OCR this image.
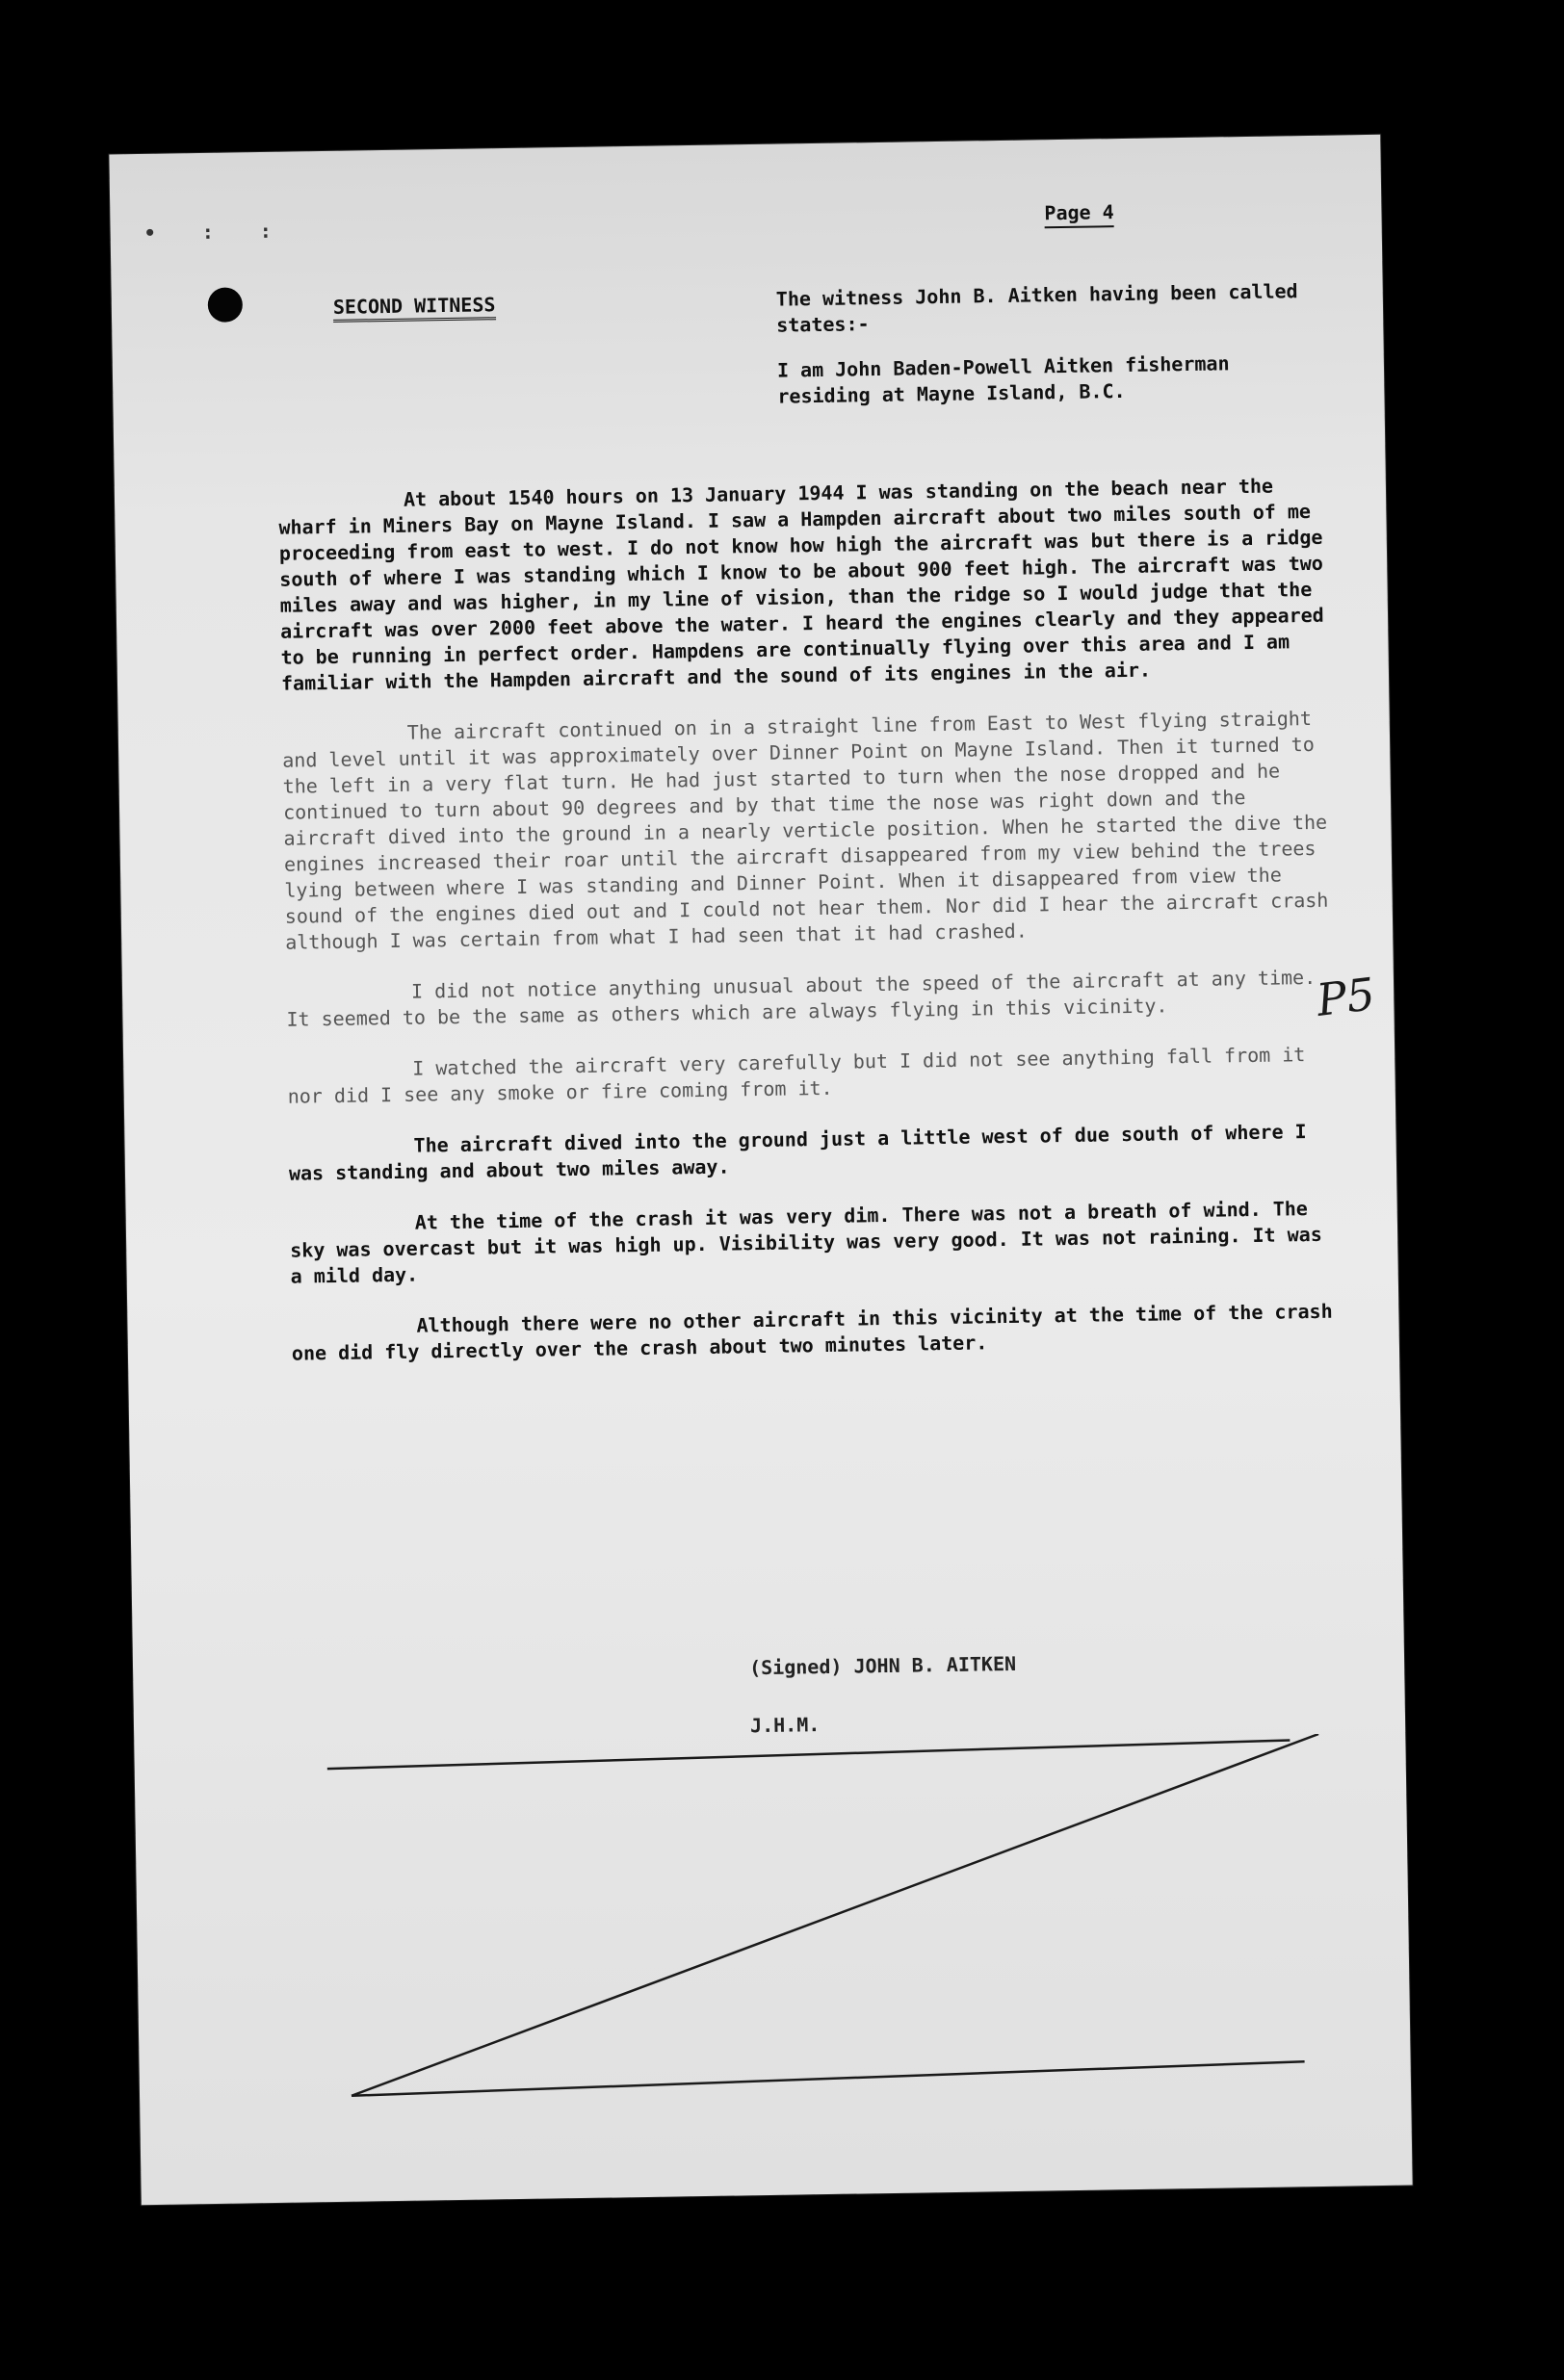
• : :
Page 4
SECOND WITNESS	The witness John B. Aitken having been called states:-

I am John Baden-Powell Aitken fisherman residing at Mayne Island, B.C.

At about 1540 hours on 13 January 1944 I was standing on the beach near the wharf in Miners Bay on Mayne Island. I saw a Hampden aircraft about two miles south of me proceeding from east to west. I do not know how high the aircraft was but there is a ridge south of where I was standing which I know to be about 900 feet high. The aircraft was two miles away and was higher, in my line of vision, than the ridge so I would judge that the aircraft was over 2000 feet above the water. I heard the engines clearly and they appeared to be running in perfect order. Hampdens are continually flying over this area and I am familiar with the Hampden aircraft and the sound of its engines in the air.

The aircraft continued on in a straight line from East to West flying straight and level until it was approximately over Dinner Point on Mayne Island. Then it turned to the left in a very flat turn. He had just started to turn when the nose dropped and he continued to turn about 90 degrees and by that time the nose was right down and the aircraft dived into the ground in a nearly verticle position. When he started the dive the engines increased their roar until the aircraft disappeared from my view behind the trees lying between where I was standing and Dinner Point. When it disappeared from view the sound of the engines died out and I could not hear them. Nor did I hear the aircraft crash although I was certain from what I had seen that it had crashed.

I did not notice anything unusual about the speed of the aircraft at any time. It seemed to be the same as others which are always flying in this vicinity.

I watched the aircraft very carefully but I did not see anything fall from it nor did I see any smoke or fire coming from it.

The aircraft dived into the ground just a little west of due south of where I was standing and about two miles away.

At the time of the crash it was very dim. There was not a breath of wind. The sky was overcast but it was high up. Visibility was very good. It was not raining. It was a mild day.

Although there were no other aircraft in this vicinity at the time of the crash one did fly directly over the crash about two minutes later.

P5
(Signed) JOHN B. AITKEN
J.H.M.
